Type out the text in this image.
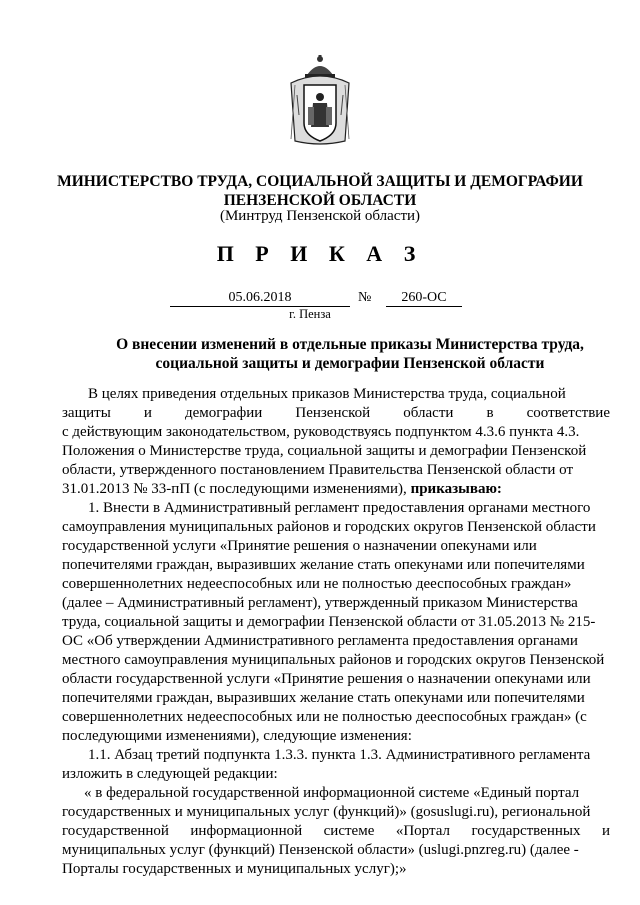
МИНИСТЕРСТВО ТРУДА, СОЦИАЛЬНОЙ ЗАЩИТЫ И ДЕМОГРАФИИ
ПЕНЗЕНСКОЙ ОБЛАСТИ
(Минтруд Пензенской области)
П Р И К А З
05.06.2018	№	260-ОС
г. Пенза
О внесении изменений в отдельные приказы Министерства труда,
социальной защиты и демографии Пензенской области
В целях приведения отдельных приказов Министерства труда, социальной
защиты и демографии Пензенской области в соответствие
с действующим законодательством, руководствуясь подпунктом 4.3.6 пункта 4.3.
Положения о Министерстве труда, социальной защиты и демографии Пензенской
области, утвержденного постановлением Правительства Пензенской области от
31.01.2013 № 33-пП (с последующими изменениями), приказываю:
1. Внести в Административный регламент предоставления органами местного
самоуправления муниципальных районов и городских округов Пензенской области
государственной услуги «Принятие решения о назначении опекунами или
попечителями граждан, выразивших желание стать опекунами или попечителями
совершеннолетних недееспособных или не полностью дееспособных граждан»
(далее – Административный регламент), утвержденный приказом Министерства
труда, социальной защиты и демографии Пензенской области от 31.05.2013 № 215-
ОС «Об утверждении Административного регламента предоставления органами
местного самоуправления муниципальных районов и городских округов Пензенской
области государственной услуги «Принятие решения о назначении опекунами или
попечителями граждан, выразивших желание стать опекунами или попечителями
совершеннолетних недееспособных или не полностью дееспособных граждан» (с
последующими изменениями), следующие изменения:
1.1. Абзац третий подпункта 1.3.3. пункта 1.3. Административного регламента
изложить в следующей редакции:
« в федеральной государственной информационной системе «Единый портал
государственных и муниципальных услуг (функций)» (gosuslugi.ru), региональной
государственной информационной системе «Портал государственных и
муниципальных услуг (функций) Пензенской области» (uslugi.pnzreg.ru) (далее -
Порталы государственных и муниципальных услуг);»
